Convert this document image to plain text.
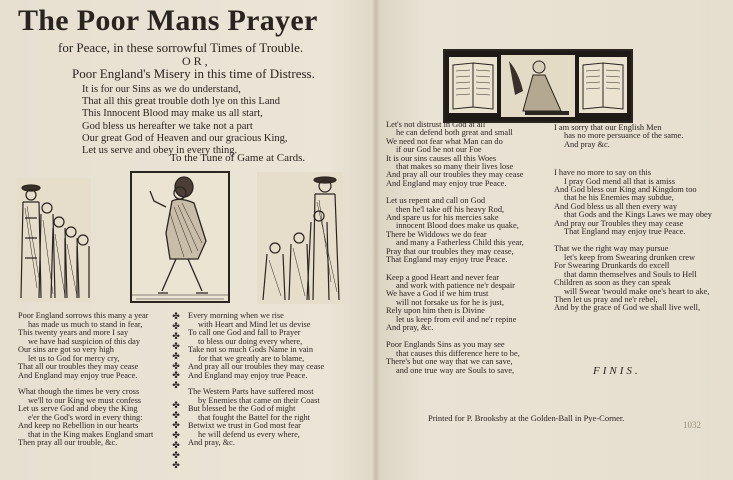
The Poor Mans Prayer
for Peace, in these sorrowful Times of Trouble.
OR,
Poor England's Misery in this time of Distress.
It is for our Sins as we do understand,
That all this great trouble doth lye on this Land
This Innocent Blood may make us all start,
God bless us hereafter we take not a part
Our great God of Heaven and our gracious King,
Let us serve and obey in every thing.
To the Tune of Game at Cards.
Poor England sorrows this many a year
has made us much to stand in fear,
This twenty years and more I say
we have had suspicion of this day
Our sins are got so very high
let us to God for mercy cry,
That all our troubles they may cease
And England may enjoy true Peace.
What though the times be very cross
we'll to our King we must confess
Let us serve God and obey the King
e'er the God's word in every thing:
And keep no Rebellion in our hearts
that in the King makes England smart
Then pray all our trouble, &c.
✤
✤
✤
✤
✤
✤
✤
✤

✤
✤
✤
✤
✤
✤
✤
Every morning when we rise
with Heart and Mind let us devise
To call one God and fall to Prayer
to bless our doing every where,
Take not so much Gods Name in vain
for that we greatly are to blame,
And pray all our troubles they may cease
And England may enjoy true Peace.
The Western Parts have suffered most
by Enemies that came on their Coast
But blessed be the God of might
that fought the Battel for the right
Betwixt we trust in God most fear
he will defend us every where,
And pray, &c.
Let's not distrust in God at all
he can defend both great and small
We need not fear what Man can do
if our God be not our Foe
It is our sins causes all this Woes
that makes so many their lives lose
And pray all our troubles they may cease
And England may enjoy true Peace.
Let us repent and call on God
then he'l take off his heavy Rod,
And spare us for his mercies sake
innocent Blood does make us quake,
There be Widdows we do fear
and many a Fatherless Child this year,
Pray that our troubles they may cease,
That England may enjoy true Peace.
Keep a good Heart and never fear
and work with patience ne'r despair
We have a God if we him trust
will not forsake us for he is just,
Rely upon him then is Divine
let us keep from evil and ne'r repine
And pray, &c.
Poor Englands Sins as you may see
that causes this difference here to be,
There's but one way that we can save,
and one true way are Souls to save,
I am sorry that our English Men
has no more persuance of the same.
And pray &c.
I have no more to say on this
I pray God mend all that is amiss
And God bless our King and Kingdom too
that he his Enemies may subdue,
And God bless us all then every way
that Gods and the Kings Laws we may obey
And pray our Troubles they may cease
That England may enjoy true Peace.
That we the right way may pursue
let's keep from Swearing drunken crew
For Swearing Drunkards do excell
that damn themselves and Souls to Hell
Children as soon as they can speak
will Swear 'twould make one's heart to ake,
Then let us pray and ne'r rebel,
And by the grace of God we shall live well,
FINIS.
Printed for P. Brooksby at the Golden-Ball in Pye-Corner.
1032
